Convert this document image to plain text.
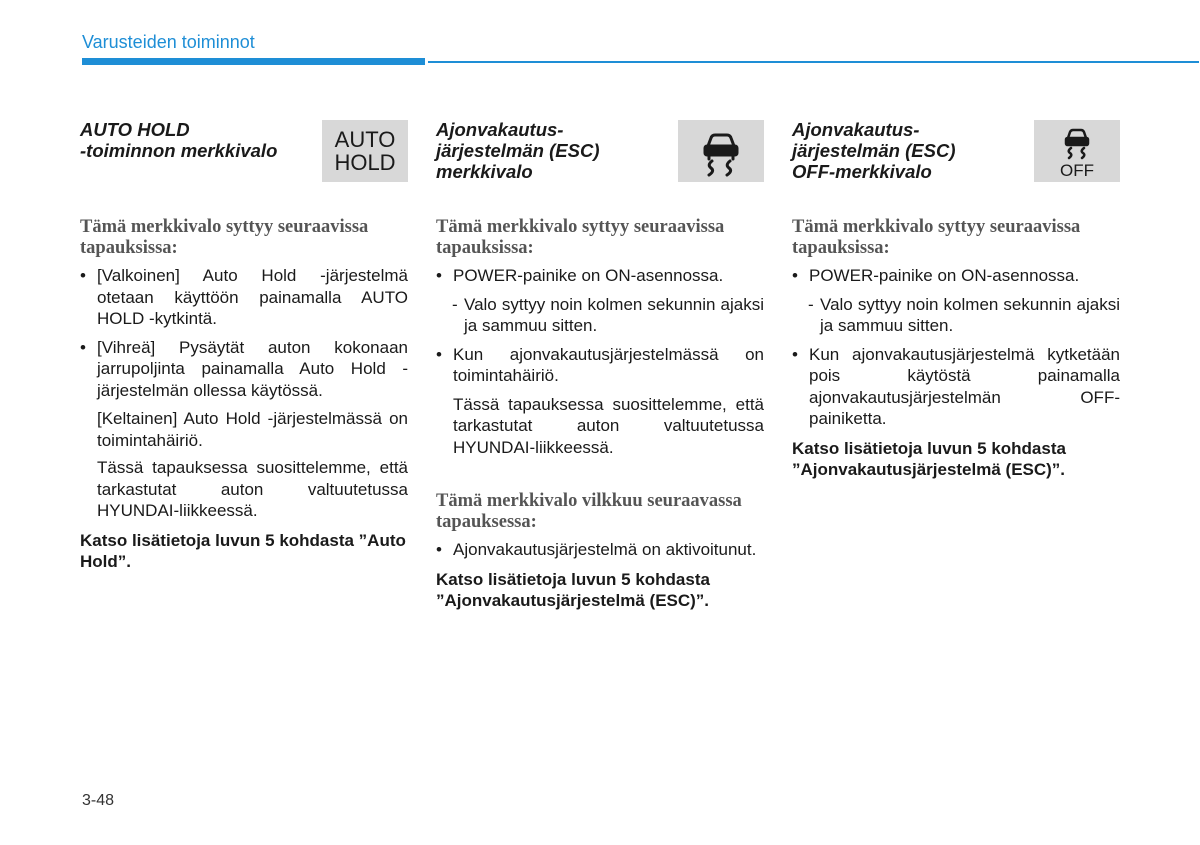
Varusteiden toiminnot
AUTO HOLD
-toiminnon merkkivalo	AUTO
HOLD
Tämä merkkivalo syttyy seuraavissa tapauksissa:
• [Valkoinen] Auto Hold -järjestelmä otetaan käyttöön painamalla AUTO HOLD -kytkintä.
• [Vihreä] Pysäytät auton kokonaan jarrupoljinta painamalla Auto Hold -järjestelmän ollessa käytössä.
[Keltainen] Auto Hold -järjestelmässä on toimintahäiriö.
Tässä tapauksessa suosittelemme, että tarkastutat auton valtuutetussa HYUNDAI-liikkeessä.
Katso lisätietoja luvun 5 kohdasta ”Auto Hold”.
Ajonvakautus-
järjestelmän (ESC)
merkkivalo
Tämä merkkivalo syttyy seuraavissa tapauksissa:
• POWER-painike on ON-asennossa.
- Valo syttyy noin kolmen sekunnin ajaksi ja sammuu sitten.
• Kun ajonvakautusjärjestelmässä on toimintahäiriö.
Tässä tapauksessa suosittelemme, että tarkastutat auton valtuutetussa HYUNDAI-liikkeessä.
Tämä merkkivalo vilkkuu seuraavassa tapauksessa:
• Ajonvakautusjärjestelmä on aktivoitunut.
Katso lisätietoja luvun 5 kohdasta ”Ajonvakautusjärjestelmä (ESC)”.
Ajonvakautus-
järjestelmän (ESC)
OFF-merkkivalo	OFF
Tämä merkkivalo syttyy seuraavissa tapauksissa:
• POWER-painike on ON-asennossa.
- Valo syttyy noin kolmen sekunnin ajaksi ja sammuu sitten.
• Kun ajonvakautusjärjestelmä kytketään pois käytöstä painamalla ajonvakautusjärjestelmän OFF-painiketta.
Katso lisätietoja luvun 5 kohdasta ”Ajonvakautusjärjestelmä (ESC)”.
3-48
